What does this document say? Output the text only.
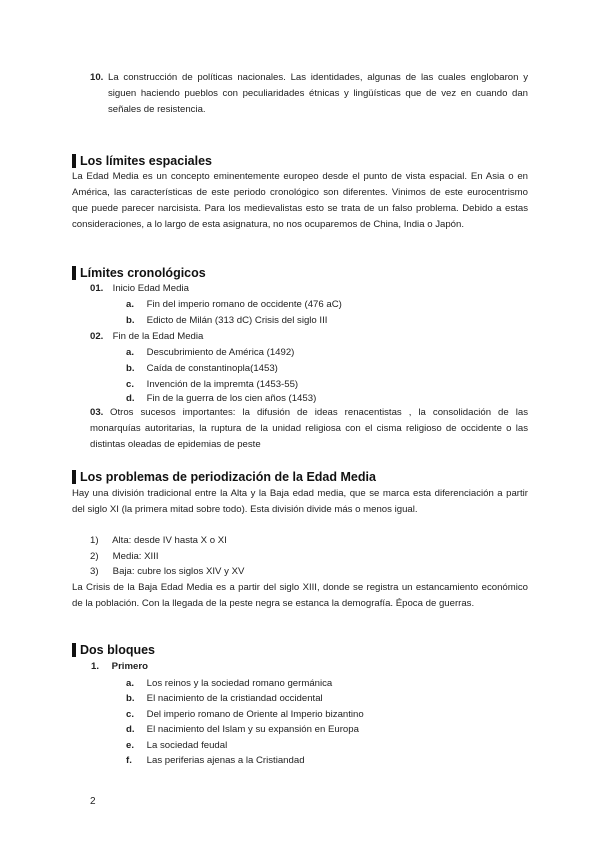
10. La construcción de políticas nacionales. Las identidades, algunas de las cuales englobaron y siguen haciendo pueblos con peculiaridades étnicas y lingüísticas que de vez en cuando dan señales de resistencia.
Los límites espaciales
La Edad Media es un concepto eminentemente europeo desde el punto de vista espacial. En Asia o en América, las características de este periodo cronológico son diferentes. Vinimos de este eurocentrismo que puede parecer narcisista. Para los medievalistas esto se trata de un falso problema. Debido a estas consideraciones, a lo largo de esta asignatura, no nos ocuparemos de China, India o Japón.
Límites cronológicos
01. Inicio Edad Media
a. Fin del imperio romano de occidente (476 aC)
b. Edicto de Milán (313 dC) Crisis del siglo III
02. Fin de la Edad Media
a. Descubrimiento de América (1492)
b. Caída de constantinopla(1453)
c. Invención de la impremta (1453-55)
d. Fin de la guerra de los cien años (1453)
03. Otros sucesos importantes: la difusión de ideas renacentistas , la consolidación de las monarquías autoritarias, la ruptura de la unidad religiosa con el cisma religioso de occidente o las distintas oleadas de epidemias de peste
Los problemas de periodización de la Edad Media
Hay una división tradicional entre la Alta y la Baja edad media, que se marca esta diferenciación a partir del siglo XI (la primera mitad sobre todo). Esta división divide más o menos igual.
1) Alta: desde IV hasta X o XI
2) Media: XIII
3) Baja: cubre los siglos XIV y XV
La Crisis de la Baja Edad Media es a partir del siglo XIII, donde se registra un estancamiento económico de la población. Con la llegada de la peste negra se estanca la demografía. Época de guerras.
Dos bloques
1. Primero
a. Los reinos y la sociedad romano germánica
b. El nacimiento de la cristiandad occidental
c. Del imperio romano de Oriente al Imperio bizantino
d. El nacimiento del Islam y su expansión en Europa
e. La sociedad feudal
f. Las periferias ajenas a la Cristiandad
2
